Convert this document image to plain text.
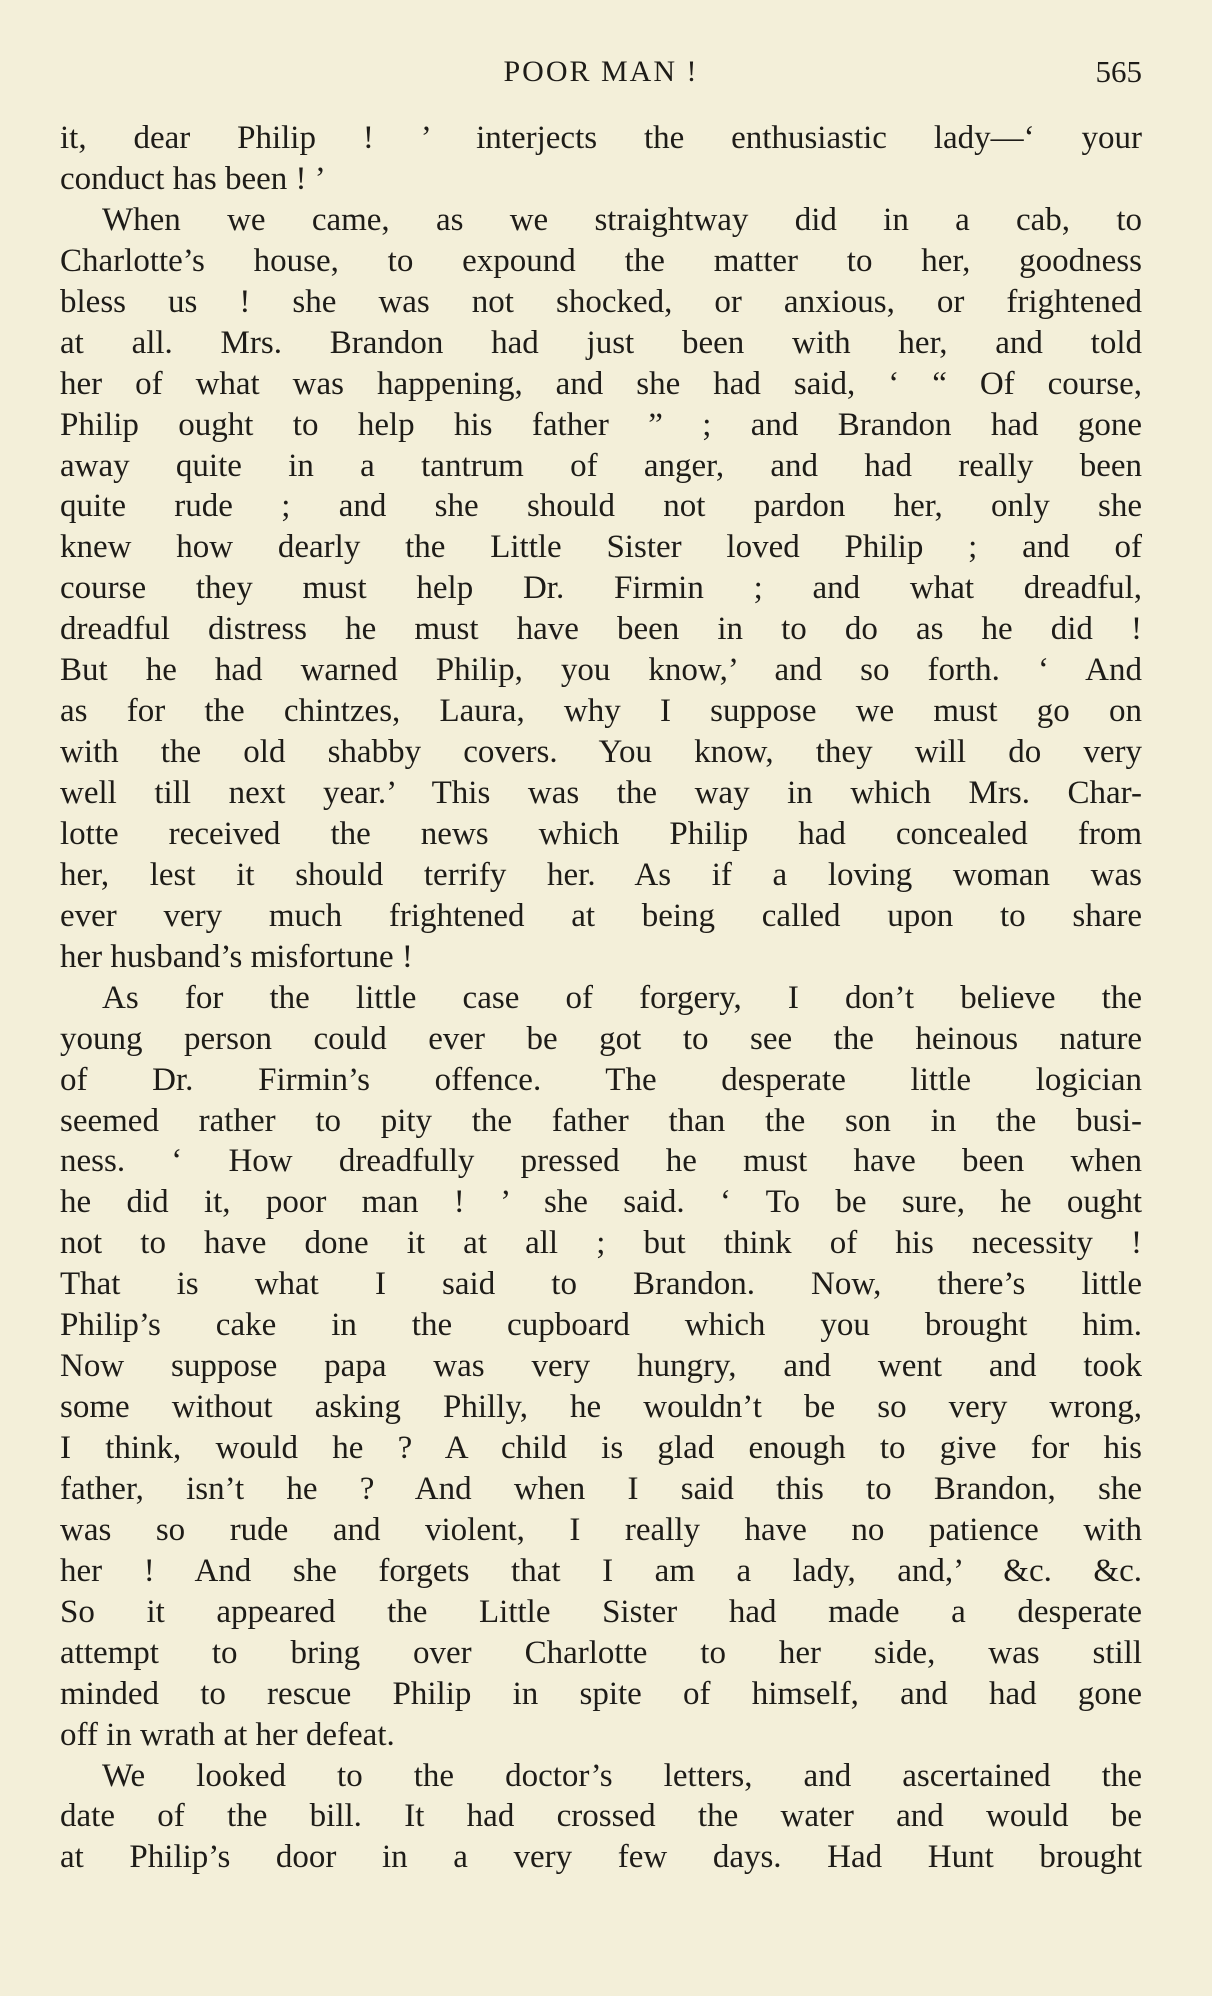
POOR MAN !	565
it, dear Philip ! ’ interjects the enthusiastic lady—‘ your
conduct has been ! ’
When we came, as we straightway did in a cab, to
Charlotte’s house, to expound the matter to her, goodness
bless us ! she was not shocked, or anxious, or frightened
at all. Mrs. Brandon had just been with her, and told
her of what was happening, and she had said, ‘ “ Of course,
Philip ought to help his father ” ; and Brandon had gone
away quite in a tantrum of anger, and had really been
quite rude ; and she should not pardon her, only she
knew how dearly the Little Sister loved Philip ; and of
course they must help Dr. Firmin ; and what dreadful,
dreadful distress he must have been in to do as he did !
But he had warned Philip, you know,’ and so forth. ‘ And
as for the chintzes, Laura, why I suppose we must go on
with the old shabby covers. You know, they will do very
well till next year.’ This was the way in which Mrs. Char-
lotte received the news which Philip had concealed from
her, lest it should terrify her. As if a loving woman was
ever very much frightened at being called upon to share
her husband’s misfortune !
As for the little case of forgery, I don’t believe the
young person could ever be got to see the heinous nature
of Dr. Firmin’s offence. The desperate little logician
seemed rather to pity the father than the son in the busi-
ness. ‘ How dreadfully pressed he must have been when
he did it, poor man ! ’ she said. ‘ To be sure, he ought
not to have done it at all ; but think of his necessity !
That is what I said to Brandon. Now, there’s little
Philip’s cake in the cupboard which you brought him.
Now suppose papa was very hungry, and went and took
some without asking Philly, he wouldn’t be so very wrong,
I think, would he ? A child is glad enough to give for his
father, isn’t he ? And when I said this to Brandon, she
was so rude and violent, I really have no patience with
her ! And she forgets that I am a lady, and,’ &c. &c.
So it appeared the Little Sister had made a desperate
attempt to bring over Charlotte to her side, was still
minded to rescue Philip in spite of himself, and had gone
off in wrath at her defeat.
We looked to the doctor’s letters, and ascertained the
date of the bill. It had crossed the water and would be
at Philip’s door in a very few days. Had Hunt brought
